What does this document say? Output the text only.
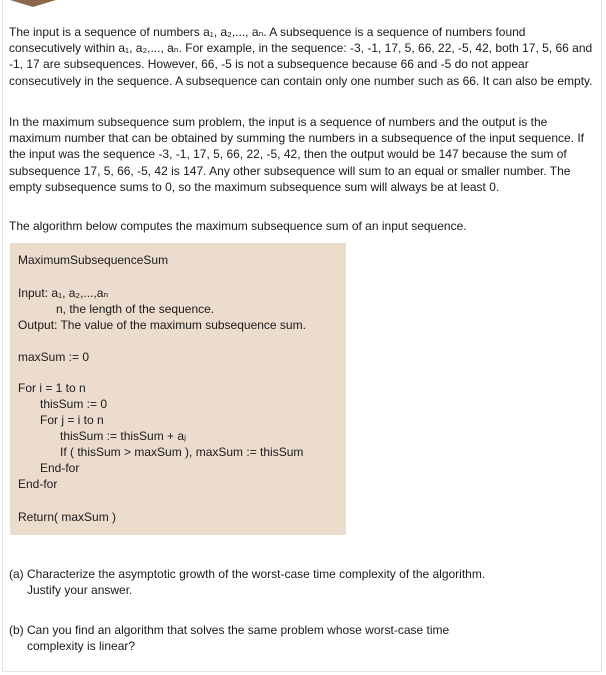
The input is a sequence of numbers a₁, a₂,..., aₙ. A subsequence is a sequence of numbers found consecutively within a₁, a₂,..., aₙ. For example, in the sequence: -3, -1, 17, 5, 66, 22, -5, 42, both 17, 5, 66 and -1, 17 are subsequences. However, 66, -5 is not a subsequence because 66 and -5 do not appear consecutively in the sequence. A subsequence can contain only one number such as 66. It can also be empty.

In the maximum subsequence sum problem, the input is a sequence of numbers and the output is the maximum number that can be obtained by summing the numbers in a subsequence of the input sequence. If the input was the sequence -3, -1, 17, 5, 66, 22, -5, 42, then the output would be 147 because the sum of subsequence 17, 5, 66, -5, 42 is 147. Any other subsequence will sum to an equal or smaller number. The empty subsequence sums to 0, so the maximum subsequence sum will always be at least 0.

The algorithm below computes the maximum subsequence sum of an input sequence.

MaximumSubsequenceSum

Input: a₁, a₂,...,aₙ

n, the length of the sequence.

Output: The value of the maximum subsequence sum.

maxSum := 0

For i = 1 to n

thisSum := 0

For j = i to n

thisSum := thisSum + aⱼ

If ( thisSum > maxSum ), maxSum := thisSum

End-for

End-for

Return( maxSum )

(a) Characterize the asymptotic growth of the worst-case time complexity of the algorithm.

Justify your answer.

(b) Can you find an algorithm that solves the same problem whose worst-case time

complexity is linear?
